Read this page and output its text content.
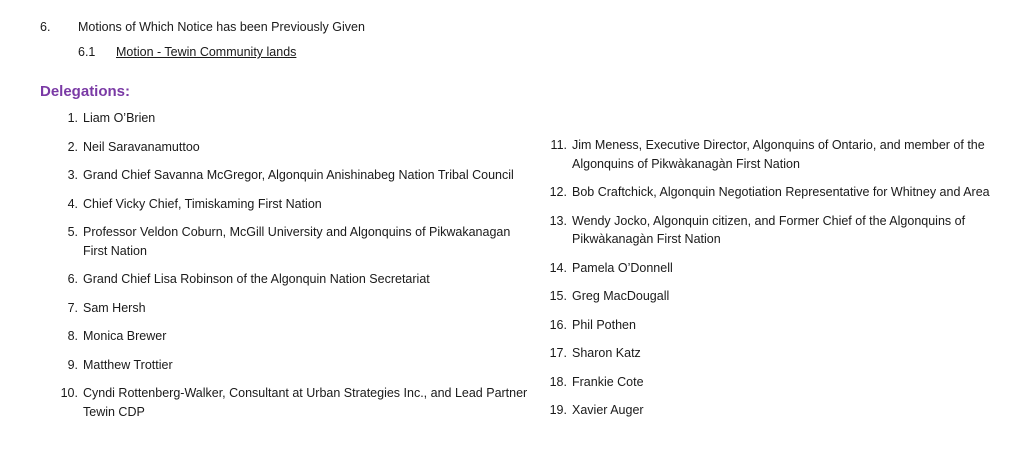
6. Motions of Which Notice has been Previously Given
6.1 Motion - Tewin Community lands
Delegations:
1. Liam O’Brien
2. Neil Saravanamuttoo
3. Grand Chief Savanna McGregor, Algonquin Anishinabeg Nation Tribal Council
4. Chief Vicky Chief, Timiskaming First Nation
5. Professor Veldon Coburn, McGill University and Algonquins of Pikwakanagan First Nation
6. Grand Chief Lisa Robinson of the Algonquin Nation Secretariat
7. Sam Hersh
8. Monica Brewer
9. Matthew Trottier
10. Cyndi Rottenberg-Walker, Consultant at Urban Strategies Inc., and Lead Partner Tewin CDP
11. Jim Meness, Executive Director, Algonquins of Ontario, and member of the Algonquins of Pikwàkanagàn First Nation
12. Bob Craftchick, Algonquin Negotiation Representative for Whitney and Area
13. Wendy Jocko, Algonquin citizen, and Former Chief of the Algonquins of Pikwàkanagàn First Nation
14. Pamela O’Donnell
15. Greg MacDougall
16. Phil Pothen
17. Sharon Katz
18. Frankie Cote
19. Xavier Auger
